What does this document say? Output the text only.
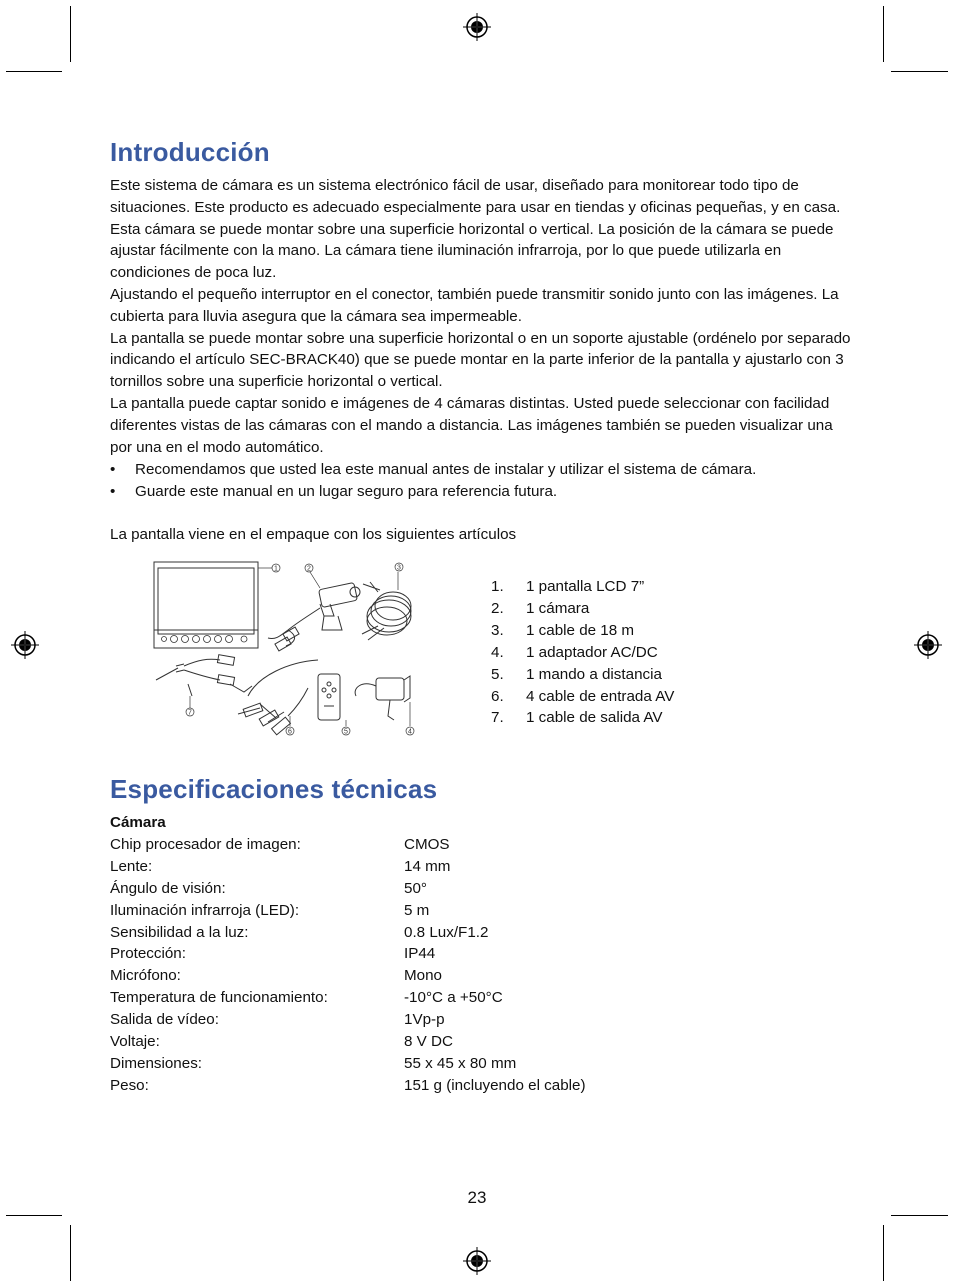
Introducción

Este sistema de cámara es un sistema electrónico fácil de usar, diseñado para monitorear todo tipo de situaciones. Este producto es adecuado especialmente para usar en tiendas y oficinas pequeñas, y en casa. Esta cámara se puede montar sobre una superficie horizontal o vertical. La posición de la cámara se puede ajustar fácilmente con la mano. La cámara tiene iluminación infrarroja, por lo que puede utilizarla en condiciones de poca luz.

Ajustando el pequeño interruptor en el conector, también puede transmitir sonido junto con las imágenes. La cubierta para lluvia asegura que la cámara sea impermeable.

La pantalla se puede montar sobre una superficie horizontal o en un soporte ajustable (ordénelo por separado indicando el artículo SEC-BRACK40) que se puede montar en la parte inferior de la pantalla y ajustarlo con 3 tornillos sobre una superficie horizontal o vertical.

La pantalla puede captar sonido e imágenes de 4 cámaras distintas. Usted puede seleccionar con facilidad diferentes vistas de las cámaras con el mando a distancia. Las imágenes también se pueden visualizar una por una en el modo automático.

• Recomendamos que usted lea este manual antes de instalar y utilizar el sistema de cámara.
• Guarde este manual en un lugar seguro para referencia futura.
La pantalla viene en el empaque con los siguientes artículos
1	2	3
4
5
6
7
1.	1 pantalla LCD 7”
2.	1 cámara
3.	1 cable de 18 m
4.	1 adaptador AC/DC
5.	1 mando a distancia
6.	4 cable de entrada AV
7.	1 cable de salida AV
Especificaciones técnicas
Cámara
Chip procesador de imagen:	CMOS
Lente:	14 mm
Ángulo de visión:	50°
Iluminación infrarroja (LED):	5 m
Sensibilidad a la luz:	0.8 Lux/F1.2
Protección:	IP44
Micrófono:	Mono
Temperatura de funcionamiento:	-10°C a +50°C
Salida de vídeo:	1Vp-p
Voltaje:	8 V DC
Dimensiones:	55 x 45 x 80 mm
Peso:	151 g (incluyendo el cable)
23
